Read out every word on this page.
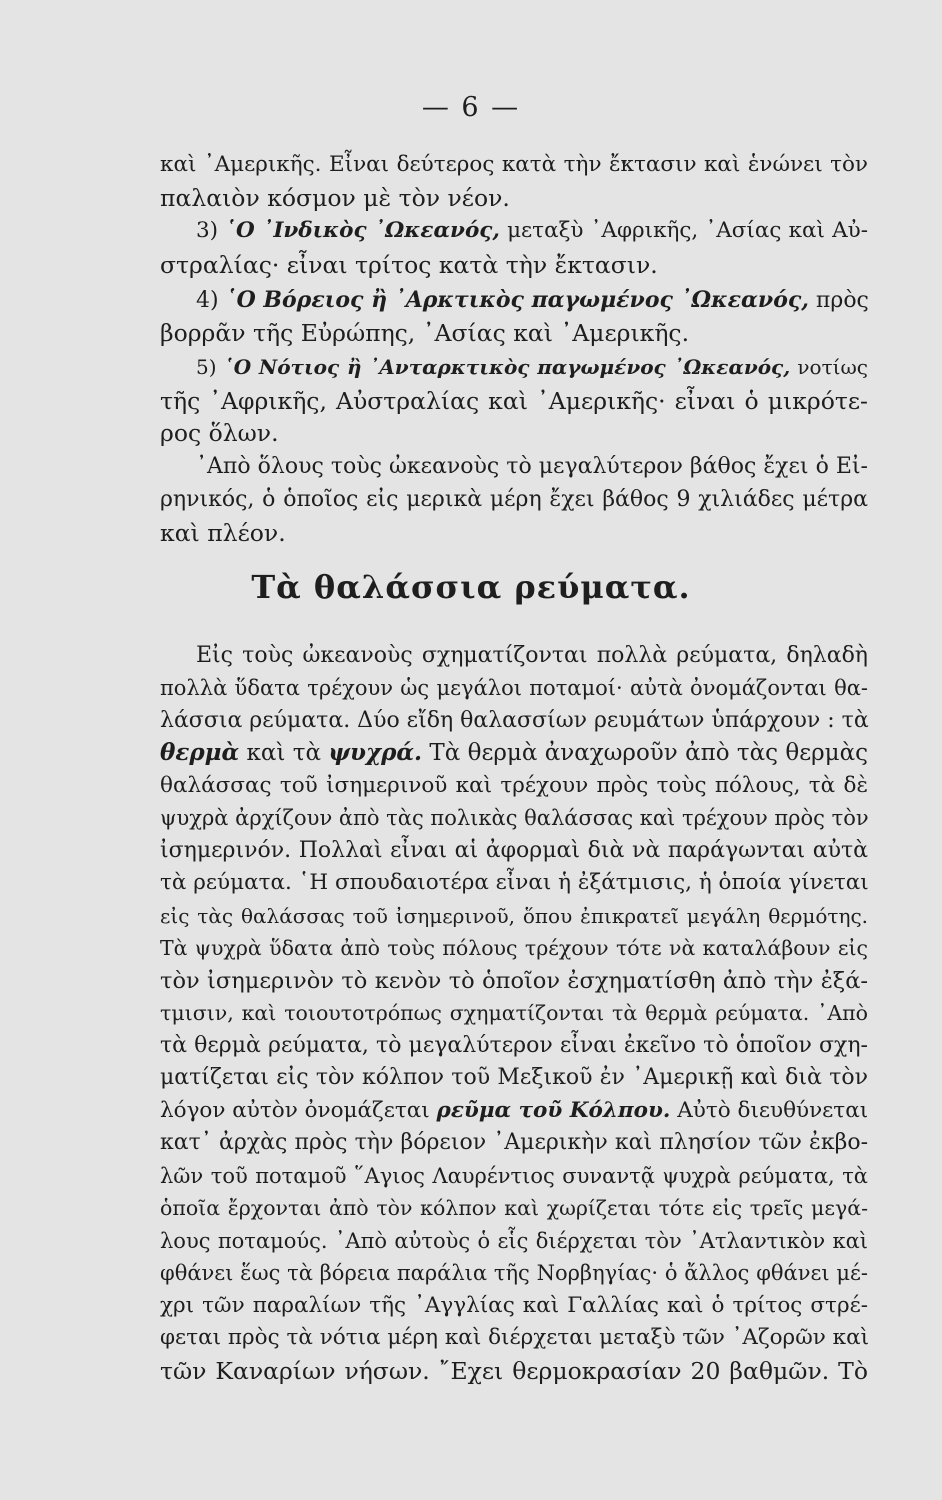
— 6 —
καὶ ᾿Αμερικῆς. Εἶναι δεύτερος κατὰ τὴν ἔκτασιν καὶ ἑνώνει τὸν
παλαιὸν κόσμον μὲ τὸν νέον.
3) ῾Ο ᾿Ινδικὸς ᾿Ωκεανός, μεταξὺ ᾿Αφρικῆς, ᾿Ασίας καὶ Αὐ-
στραλίας· εἶναι τρίτος κατὰ τὴν ἔκτασιν.
4) ῾Ο Βόρειος ἢ ᾿Αρκτικὸς παγωμένος ᾿Ωκεανός, πρὸς
βορρᾶν τῆς Εὐρώπης, ᾿Ασίας καὶ ᾿Αμερικῆς.
5) ῾Ο Νότιος ἢ ᾿Ανταρκτικὸς παγωμένος ᾿Ωκεανός, νοτίως
τῆς ᾿Αφρικῆς, Αὐστραλίας καὶ ᾿Αμερικῆς· εἶναι ὁ μικρότε-
ρος ὅλων.
᾿Απὸ ὅλους τοὺς ὠκεανοὺς τὸ μεγαλύτερον βάθος ἔχει ὁ Εἰ-
ρηνικός, ὁ ὁποῖος εἰς μερικὰ μέρη ἔχει βάθος 9 χιλιάδες μέτρα
καὶ πλέον.
Τὰ θαλάσσια ρεύματα.
Εἰς τοὺς ὠκεανοὺς σχηματίζονται πολλὰ ρεύματα, δηλαδὴ
πολλὰ ὕδατα τρέχουν ὡς μεγάλοι ποταμοί· αὐτὰ ὀνομάζονται θα-
λάσσια ρεύματα. Δύο εἴδη θαλασσίων ρευμάτων ὑπάρχουν : τὰ
θερμὰ καὶ τὰ ψυχρά. Τὰ θερμὰ ἀναχωροῦν ἀπὸ τὰς θερμὰς
θαλάσσας τοῦ ἰσημερινοῦ καὶ τρέχουν πρὸς τοὺς πόλους, τὰ δὲ
ψυχρὰ ἀρχίζουν ἀπὸ τὰς πολικὰς θαλάσσας καὶ τρέχουν πρὸς τὸν
ἰσημερινόν. Πολλαὶ εἶναι αἱ ἀφορμαὶ διὰ νὰ παράγωνται αὐτὰ
τὰ ρεύματα. ῾Η σπουδαιοτέρα εἶναι ἡ ἐξάτμισις, ἡ ὁποία γίνεται
εἰς τὰς θαλάσσας τοῦ ἰσημερινοῦ, ὅπου ἐπικρατεῖ μεγάλη θερμότης.
Τὰ ψυχρὰ ὕδατα ἀπὸ τοὺς πόλους τρέχουν τότε νὰ καταλάβουν εἰς
τὸν ἰσημερινὸν τὸ κενὸν τὸ ὁποῖον ἐσχηματίσθη ἀπὸ τὴν ἐξά-
τμισιν, καὶ τοιουτοτρόπως σχηματίζονται τὰ θερμὰ ρεύματα. ᾿Απὸ
τὰ θερμὰ ρεύματα, τὸ μεγαλύτερον εἶναι ἐκεῖνο τὸ ὁποῖον σχη-
ματίζεται εἰς τὸν κόλπον τοῦ Μεξικοῦ ἐν ᾿Αμερικῇ καὶ διὰ τὸν
λόγον αὐτὸν ὀνομάζεται ρεῦμα τοῦ Κόλπου. Αὐτὸ διευθύνεται
κατ᾿ ἀρχὰς πρὸς τὴν βόρειον ᾿Αμερικὴν καὶ πλησίον τῶν ἐκβο-
λῶν τοῦ ποταμοῦ ῞Αγιος Λαυρέντιος συναντᾷ ψυχρὰ ρεύματα, τὰ
ὁποῖα ἔρχονται ἀπὸ τὸν κόλπον καὶ χωρίζεται τότε εἰς τρεῖς μεγά-
λους ποταμούς. ᾿Απὸ αὐτοὺς ὁ εἷς διέρχεται τὸν ᾿Ατλαντικὸν καὶ
φθάνει ἕως τὰ βόρεια παράλια τῆς Νορβηγίας· ὁ ἄλλος φθάνει μέ-
χρι τῶν παραλίων τῆς ᾿Αγγλίας καὶ Γαλλίας καὶ ὁ τρίτος στρέ-
φεται πρὸς τὰ νότια μέρη καὶ διέρχεται μεταξὺ τῶν ᾿Αζορῶν καὶ
τῶν Καναρίων νήσων. ῎Εχει θερμοκρασίαν 20 βαθμῶν. Τὸ
